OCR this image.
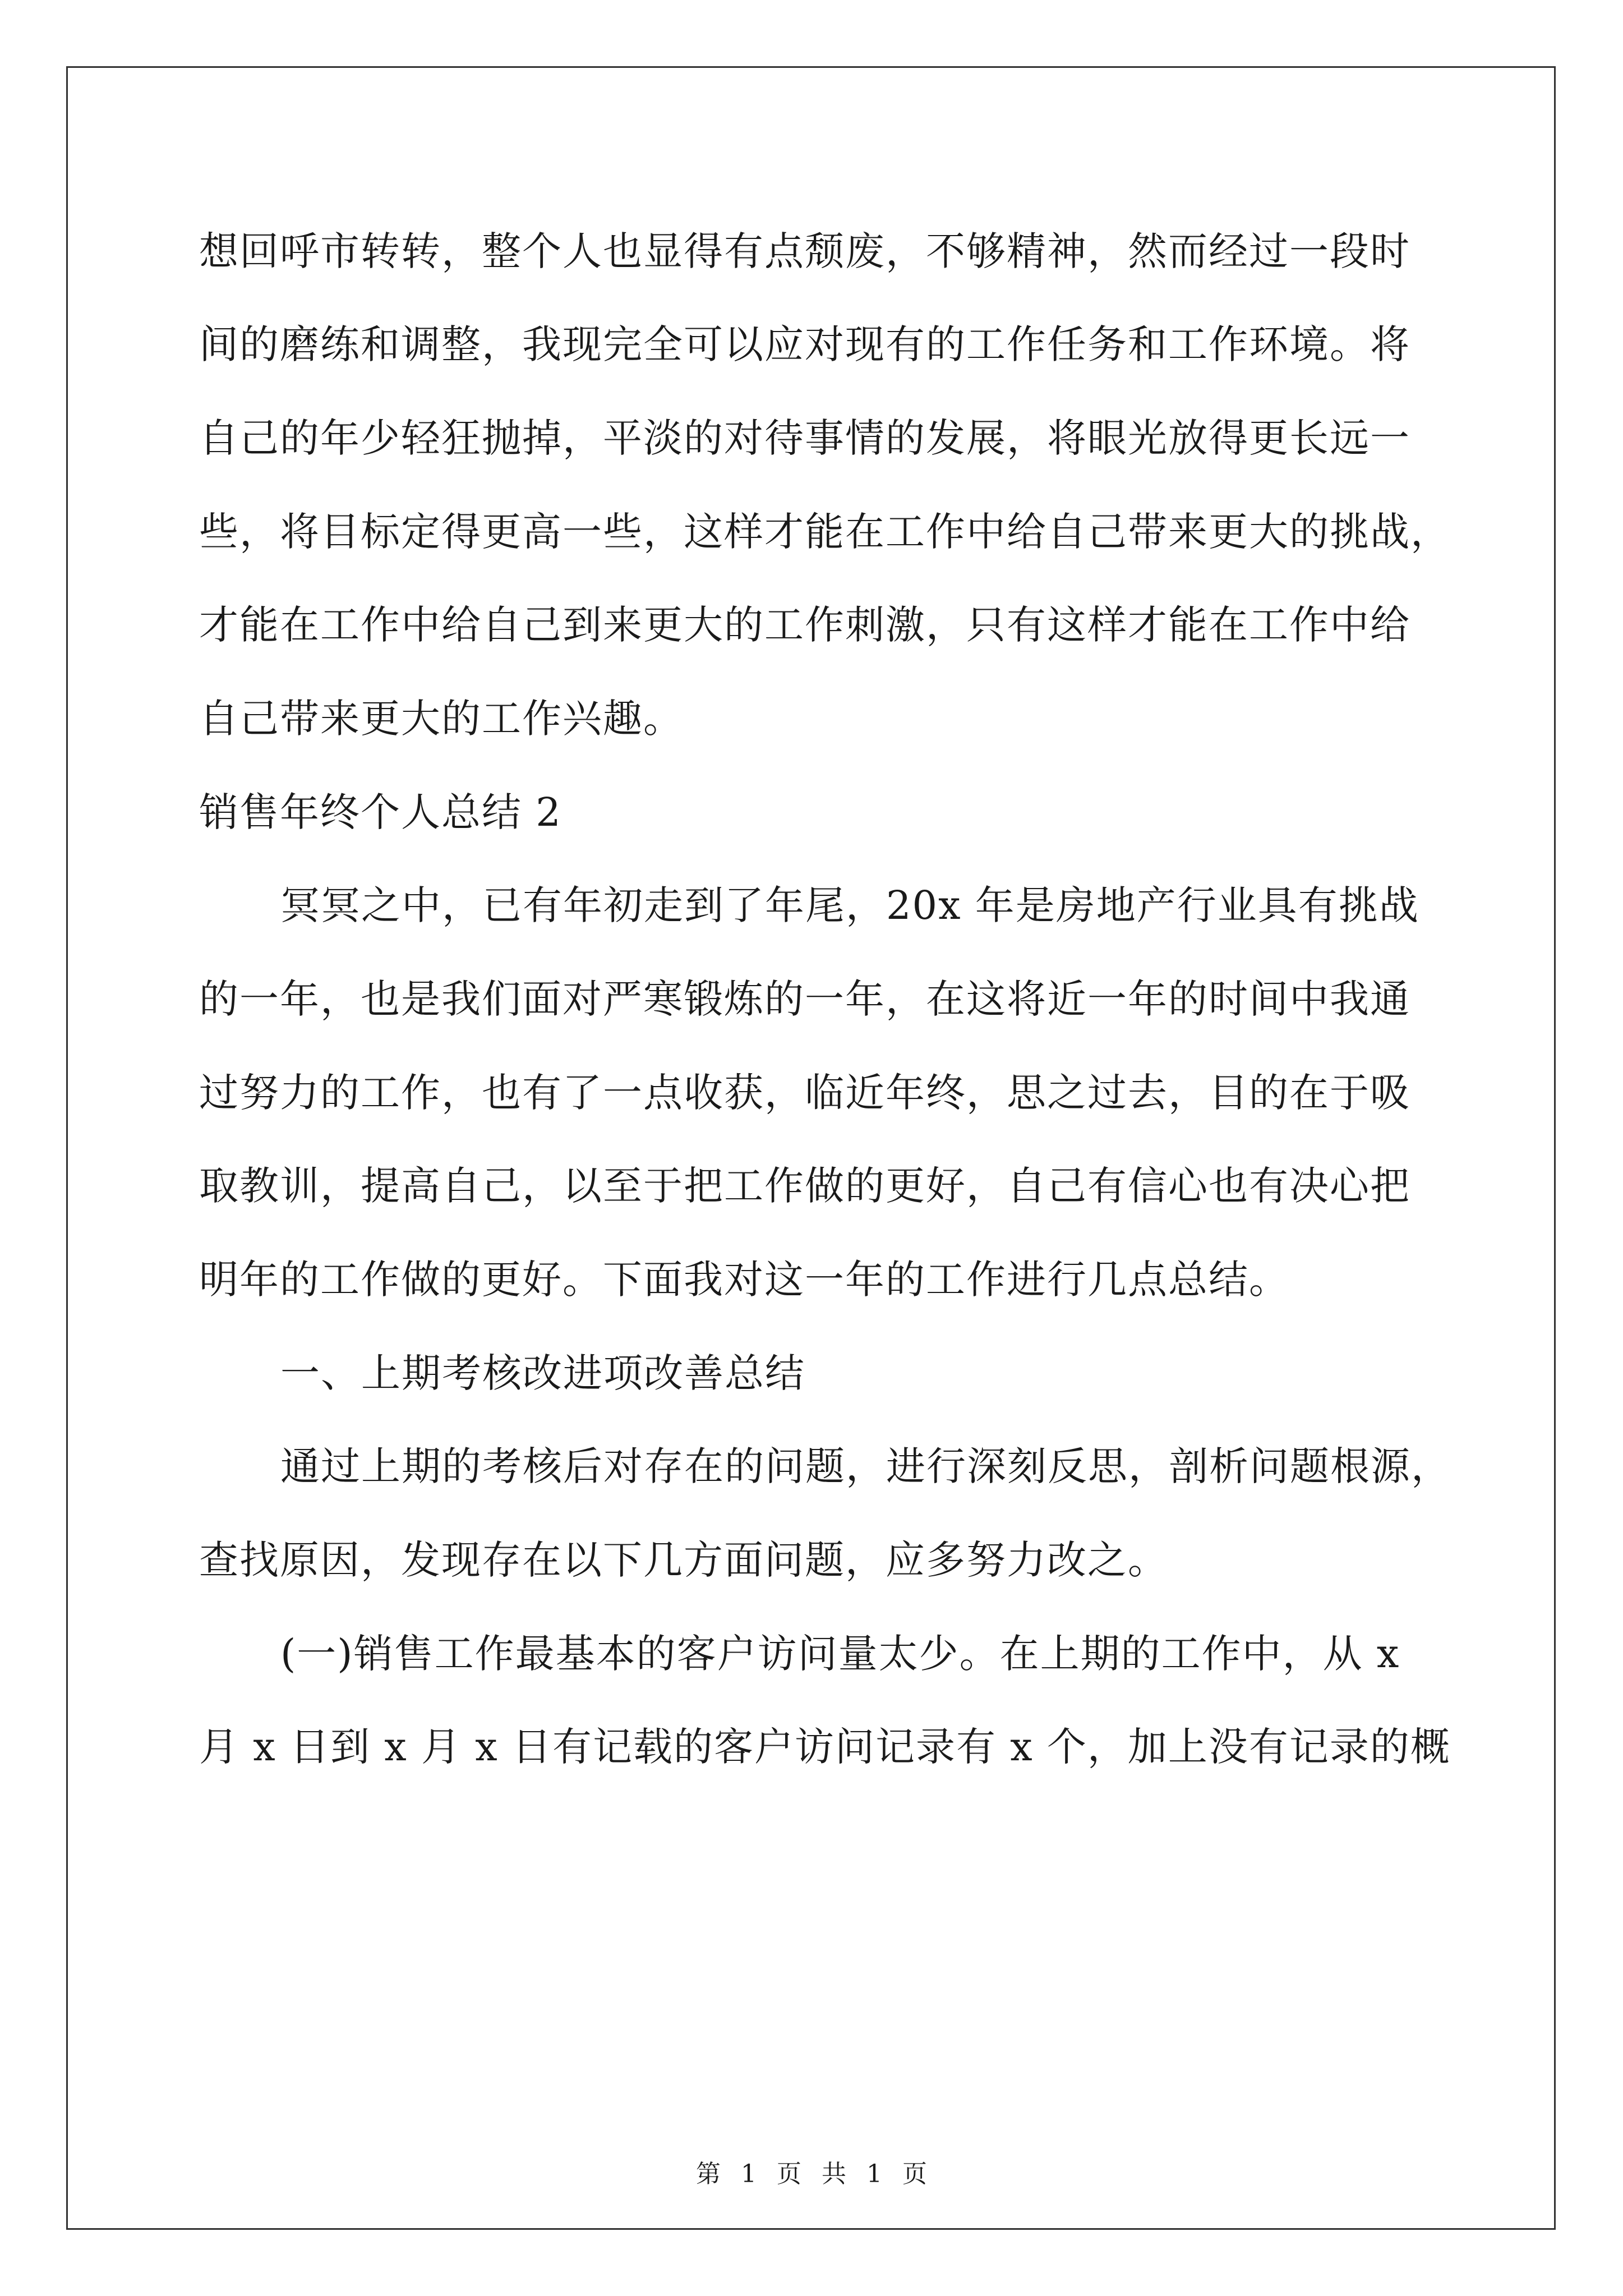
想回呼市转转，整个人也显得有点颓废，不够精神，然而经过一段时
间的磨练和调整，我现完全可以应对现有的工作任务和工作环境。将
自己的年少轻狂抛掉，平淡的对待事情的发展，将眼光放得更长远一
些，将目标定得更高一些，这样才能在工作中给自己带来更大的挑战，
才能在工作中给自己到来更大的工作刺激，只有这样才能在工作中给
自己带来更大的工作兴趣。
销售年终个人总结 2
冥冥之中，已有年初走到了年尾，20x 年是房地产行业具有挑战
的一年，也是我们面对严寒锻炼的一年，在这将近一年的时间中我通
过努力的工作，也有了一点收获，临近年终，思之过去，目的在于吸
取教训，提高自己，以至于把工作做的更好，自己有信心也有决心把
明年的工作做的更好。下面我对这一年的工作进行几点总结。
一、上期考核改进项改善总结
通过上期的考核后对存在的问题，进行深刻反思，剖析问题根源，
查找原因，发现存在以下几方面问题，应多努力改之。
(一)销售工作最基本的客户访问量太少。在上期的工作中，从 x
月 x 日到 x 月 x 日有记载的客户访问记录有 x 个，加上没有记录的概
第 1 页 共 1 页
